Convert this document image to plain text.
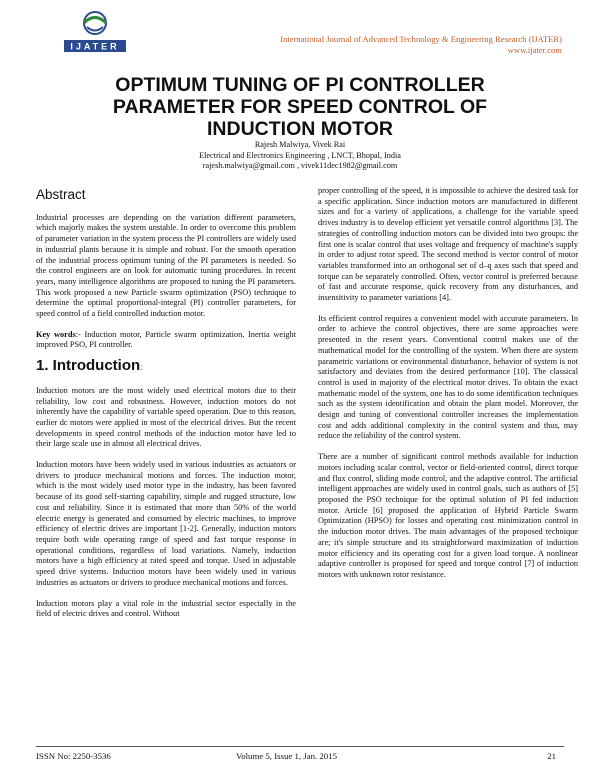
IJATER
International Journal of Advanced Technology & Engineering Research (IJATER)
www.ijater.com
OPTIMUM TUNING OF PI CONTROLLER
PARAMETER FOR SPEED CONTROL OF
INDUCTION MOTOR
Rajesh Malwiya, Vivek Rai
Electrical and Electronics Engineering , LNCT, Bhopal, India
rajesh.malwiya@gmail.com , vivek11dec1982@gmail.com
Abstract

Industrial processes are depending on the variation different parameters, which majorly makes the system unstable. In order to overcome this problem of parameter variation in the system process the PI controllers are widely used in industrial plants because it is simple and robust. For the smooth operation of the industrial process optimum tuning of the PI parameters is needed. So the control engineers are on look for automatic tuning procedures. In recent years, many intelligence algorithms are proposed to tuning the PI parameters. This work proposed a new Particle swarm optimization (PSO) technique to determine the optimal proportional-integral (PI) controller parameters, for speed control of a field controlled induction motor.

Key words:- Induction motor, Particle swarm optimization, Inertia weight improved PSO, PI controller.

1. Introduction:

Induction motors are the most widely used electrical motors due to their reliability, low cost and robustness. However, induction motors do not inherently have the capability of variable speed operation. Due to this reason, earlier dc motors were applied in most of the electrical drives. But the recent developments in speed control methods of the induction motor have led to their large scale use in almost all electrical drives.

Induction motors have been widely used in various industries as actuators or drivers to produce mechanical motions and forces. The induction motor, which is the most widely used motor type in the industry, has been favored because of its good self-starting capability, simple and rugged structure, low cost and reliability. Since it is estimated that more than 50% of the world electric energy is generated and consumed by electric machines, to improve efficiency of electric drives are important [1-2]. Generally, induction motors require both wide operating range of speed and fast torque response in operational conditions, regardless of load variations. Namely, induction motors have a high efficiency at rated speed and torque. Used in adjustable speed drive systems. Induction motors have been widely used in various industries as actuators or drivers to produce mechanical motions and forces.

Induction motors play a vital role in the industrial sector especially in the field of electric drives and control. Without

proper controlling of the speed, it is impossible to achieve the desired task for a specific application. Since induction motors are manufactured in different sizes and for a variety of applications, a challenge for the variable speed drives industry is to develop efficient yet versatile control algorithms [3]. The strategies of controlling induction motors can be divided into two groups: the first one is scalar control that uses voltage and frequency of machine's supply in order to adjust rotor speed. The second method is vector control of motor variables transformed into an orthogonal set of d–q axes such that speed and torque can be separately controlled. Often, vector control is preferred because of fast and accurate response, quick recovery from any disturbances, and insensitivity to parameter variations [4].

Its efficient control requires a convenient model with accurate parameters. In order to achieve the control objectives, there are some approaches were presented in the resent years. Conventional control makes use of the mathematical model for the controlling of the system. When there are system parametric variations or environmental disturbance, behavior of system is not satisfactory and deviates from the desired performance [10]. The classical control is used in majority of the electrical motor drives. To obtain the exact mathematic model of the system, one has to do some identification techniques such as the system identification and obtain the plant model. Moreover, the design and tuning of conventional controller increases the implementation cost and adds additional complexity in the control system and thus, may reduce the reliability of the control system.

There are a number of significant control methods available for induction motors including scalar control, vector or field-oriented control, direct torque and flux control, sliding mode control, and the adaptive control. The artificial intelligent approaches are widely used in control goals, such as authors of [5] proposed the PSO technique for the optimal solution of PI fed induction motor. Article [6] proposed the application of Hybrid Particle Swarm Optimization (HPSO) for losses and operating cost minimization control in the induction motor drives. The main advantages of the proposed technique are; it's simple structure and its straightforward maximization of induction motor efficiency and its operating cost for a given load torque. A nonlinear adaptive controller is proposed for speed and torque control [7] of induction motors with unknown rotor resistance.

ISSN No: 2250-3536	Volume 5, Issue 1, Jan. 2015	21
